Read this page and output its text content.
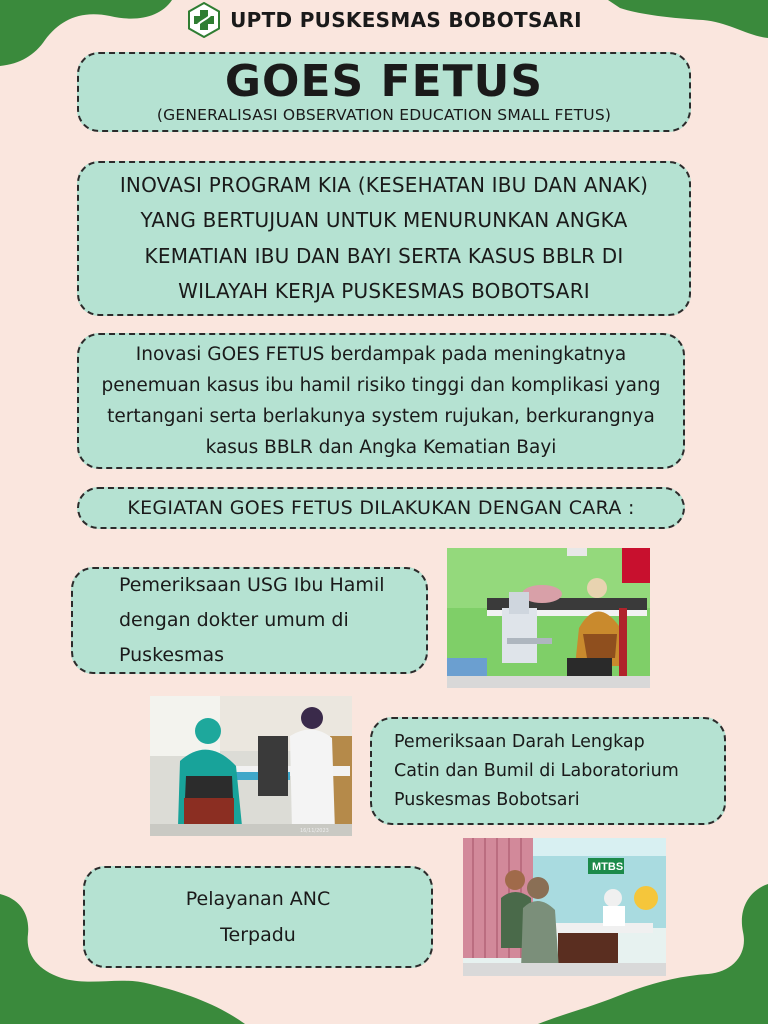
UPTD PUSKESMAS BOBOTSARI
GOES FETUS
(GENERALISASI OBSERVATION EDUCATION SMALL FETUS)
INOVASI PROGRAM KIA (KESEHATAN IBU DAN ANAK)
YANG BERTUJUAN UNTUK MENURUNKAN ANGKA
KEMATIAN IBU DAN BAYI SERTA KASUS BBLR DI
WILAYAH KERJA PUSKESMAS BOBOTSARI
Inovasi GOES FETUS berdampak pada meningkatnya
penemuan kasus ibu hamil risiko tinggi dan komplikasi yang
tertangani serta berlakunya system rujukan, berkurangnya
kasus BBLR dan Angka Kematian Bayi
KEGIATAN GOES FETUS DILAKUKAN DENGAN CARA :
Pemeriksaan USG Ibu Hamil
dengan dokter umum di
Puskesmas
16/11/2023
Pemeriksaan Darah Lengkap
Catin dan Bumil di Laboratorium
Puskesmas Bobotsari
MTBS
Pelayanan ANC
Terpadu
